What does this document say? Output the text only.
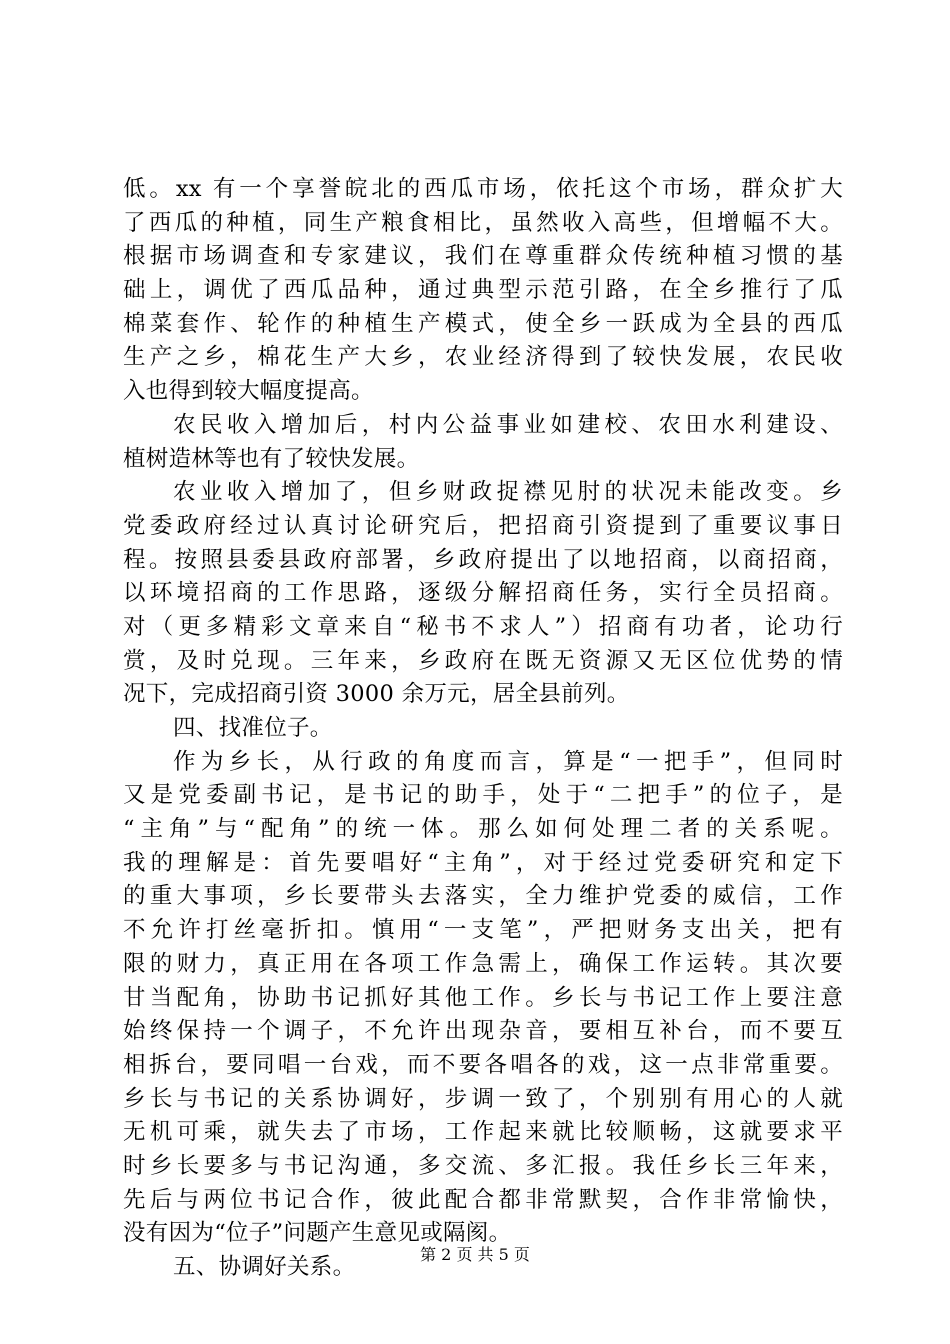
低。xx 有一个享誉皖北的西瓜市场，依托这个市场，群众扩大
了西瓜的种植，同生产粮食相比，虽然收入高些，但增幅不大。
根据市场调查和专家建议，我们在尊重群众传统种植习惯的基
础上，调优了西瓜品种，通过典型示范引路，在全乡推行了瓜
棉菜套作、轮作的种植生产模式，使全乡一跃成为全县的西瓜
生产之乡，棉花生产大乡，农业经济得到了较快发展，农民收
入也得到较大幅度提高。
农民收入增加后，村内公益事业如建校、农田水利建设、
植树造林等也有了较快发展。
农业收入增加了，但乡财政捉襟见肘的状况未能改变。乡
党委政府经过认真讨论研究后，把招商引资提到了重要议事日
程。按照县委县政府部署，乡政府提出了以地招商，以商招商，
以环境招商的工作思路，逐级分解招商任务，实行全员招商。
对（更多精彩文章来自“秘书不求人”）招商有功者，论功行
赏，及时兑现。三年来，乡政府在既无资源又无区位优势的情
况下，完成招商引资 3000 余万元，居全县前列。
四、找准位子。
作为乡长，从行政的角度而言，算是“一把手”，但同时
又是党委副书记，是书记的助手，处于“二把手”的位子，是
“主角”与“配角”的统一体。那么如何处理二者的关系呢。
我的理解是：首先要唱好“主角”，对于经过党委研究和定下
的重大事项，乡长要带头去落实，全力维护党委的威信，工作
不允许打丝毫折扣。慎用“一支笔”，严把财务支出关，把有
限的财力，真正用在各项工作急需上，确保工作运转。其次要
甘当配角，协助书记抓好其他工作。乡长与书记工作上要注意
始终保持一个调子，不允许出现杂音，要相互补台，而不要互
相拆台，要同唱一台戏，而不要各唱各的戏，这一点非常重要。
乡长与书记的关系协调好，步调一致了，个别别有用心的人就
无机可乘，就失去了市场，工作起来就比较顺畅，这就要求平
时乡长要多与书记沟通，多交流、多汇报。我任乡长三年来，
先后与两位书记合作，彼此配合都非常默契，合作非常愉快，
没有因为“位子”问题产生意见或隔阂。
五、协调好关系。	第 2 页 共 5 页
